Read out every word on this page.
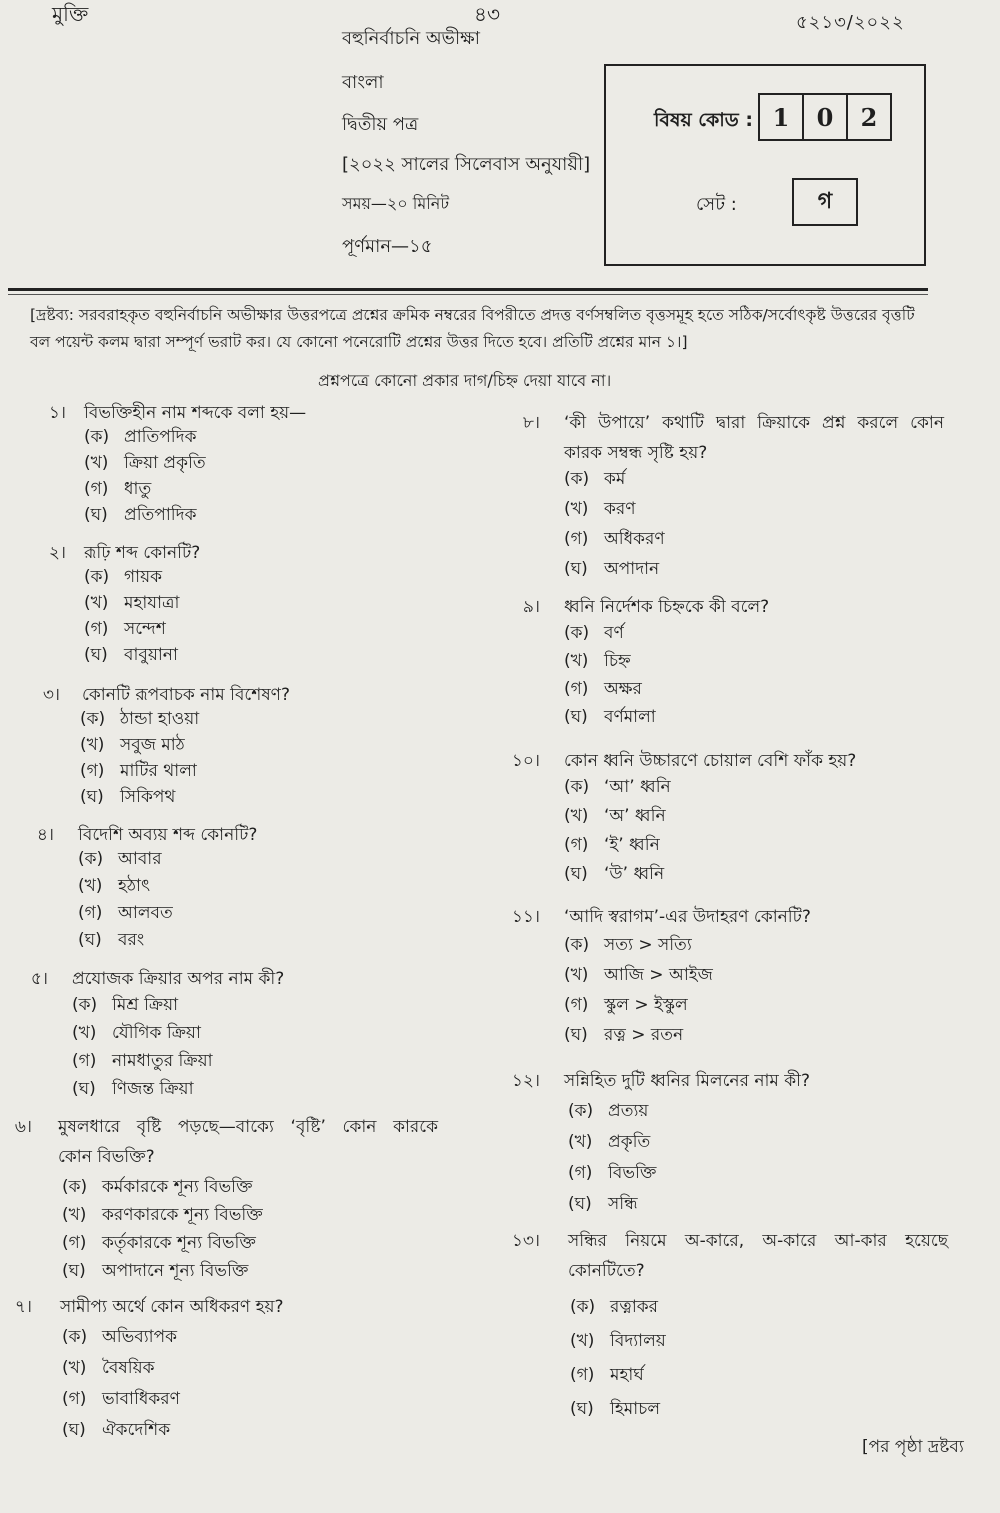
মুক্তি	৪৩	৫২১৩/২০২২
বহুনির্বাচনি অভীক্ষা
বাংলা
দ্বিতীয় পত্র
[২০২২ সালের সিলেবাস অনুযায়ী]
সময়—২০ মিনিট
পূর্ণমান—১৫
বিষয় কোড : 1	0	2
সেট :	গ
[দ্রষ্টব্য: সরবরাহকৃত বহুনির্বাচনি অভীক্ষার উত্তরপত্রে প্রশ্নের ক্রমিক নম্বরের বিপরীতে প্রদত্ত বর্ণসম্বলিত বৃত্তসমূহ হতে সঠিক/সর্বোৎকৃষ্ট উত্তরের বৃত্তটি বল পয়েন্ট কলম দ্বারা সম্পূর্ণ ভরাট কর। যে কোনো পনেরোটি প্রশ্নের উত্তর দিতে হবে। প্রতিটি প্রশ্নের মান ১।]
প্রশ্নপত্রে কোনো প্রকার দাগ/চিহ্ন দেয়া যাবে না।
১। বিভক্তিহীন নাম শব্দকে বলা হয়—
(ক) প্রাতিপদিক
(খ) ক্রিয়া প্রকৃতি
(গ) ধাতু
(ঘ) প্রতিপাদিক
২। রূঢ়ি শব্দ কোনটি?
(ক) গায়ক
(খ) মহাযাত্রা
(গ) সন্দেশ
(ঘ) বাবুয়ানা
৩। কোনটি রূপবাচক নাম বিশেষণ?
(ক) ঠান্ডা হাওয়া
(খ) সবুজ মাঠ
(গ) মাটির থালা
(ঘ) সিকিপথ
৪। বিদেশি অব্যয় শব্দ কোনটি?
(ক) আবার
(খ) হঠাৎ
(গ) আলবত
(ঘ) বরং
৫। প্রযোজক ক্রিয়ার অপর নাম কী?
(ক) মিশ্র ক্রিয়া
(খ) যৌগিক ক্রিয়া
(গ) নামধাতুর ক্রিয়া
(ঘ) ণিজন্ত ক্রিয়া
৬। মুষলধারে বৃষ্টি পড়ছে—বাক্যে ‘বৃষ্টি’ কোন কারকে
কোন বিভক্তি?
(ক) কর্মকারকে শূন্য বিভক্তি
(খ) করণকারকে শূন্য বিভক্তি
(গ) কর্তৃকারকে শূন্য বিভক্তি
(ঘ) অপাদানে শূন্য বিভক্তি
৭। সামীপ্য অর্থে কোন অধিকরণ হয়?
(ক) অভিব্যাপক
(খ) বৈষয়িক
(গ) ভাবাধিকরণ
(ঘ) ঐকদেশিক
৮। ‘কী উপায়ে’ কথাটি দ্বারা ক্রিয়াকে প্রশ্ন করলে কোন
কারক সম্বন্ধ সৃষ্টি হয়?
(ক) কর্ম
(খ) করণ
(গ) অধিকরণ
(ঘ) অপাদান
৯। ধ্বনি নির্দেশক চিহ্নকে কী বলে?
(ক) বর্ণ
(খ) চিহ্ন
(গ) অক্ষর
(ঘ) বর্ণমালা
১০। কোন ধ্বনি উচ্চারণে চোয়াল বেশি ফাঁক হয়?
(ক) ‘আ’ ধ্বনি
(খ) ‘অ’ ধ্বনি
(গ) ‘ই’ ধ্বনি
(ঘ) ‘উ’ ধ্বনি
১১। ‘আদি স্বরাগম’-এর উদাহরণ কোনটি?
(ক) সত্য > সত্যি
(খ) আজি > আইজ
(গ) স্কুল > ইস্কুল
(ঘ) রত্ন > রতন
১২। সন্নিহিত দুটি ধ্বনির মিলনের নাম কী?
(ক) প্রত্যয়
(খ) প্রকৃতি
(গ) বিভক্তি
(ঘ) সন্ধি
১৩। সন্ধির নিয়মে অ-কারে, অ-কারে আ-কার হয়েছে
কোনটিতে?
(ক) রত্নাকর
(খ) বিদ্যালয়
(গ) মহার্ঘ
(ঘ) হিমাচল
[পর পৃষ্ঠা দ্রষ্টব্য
